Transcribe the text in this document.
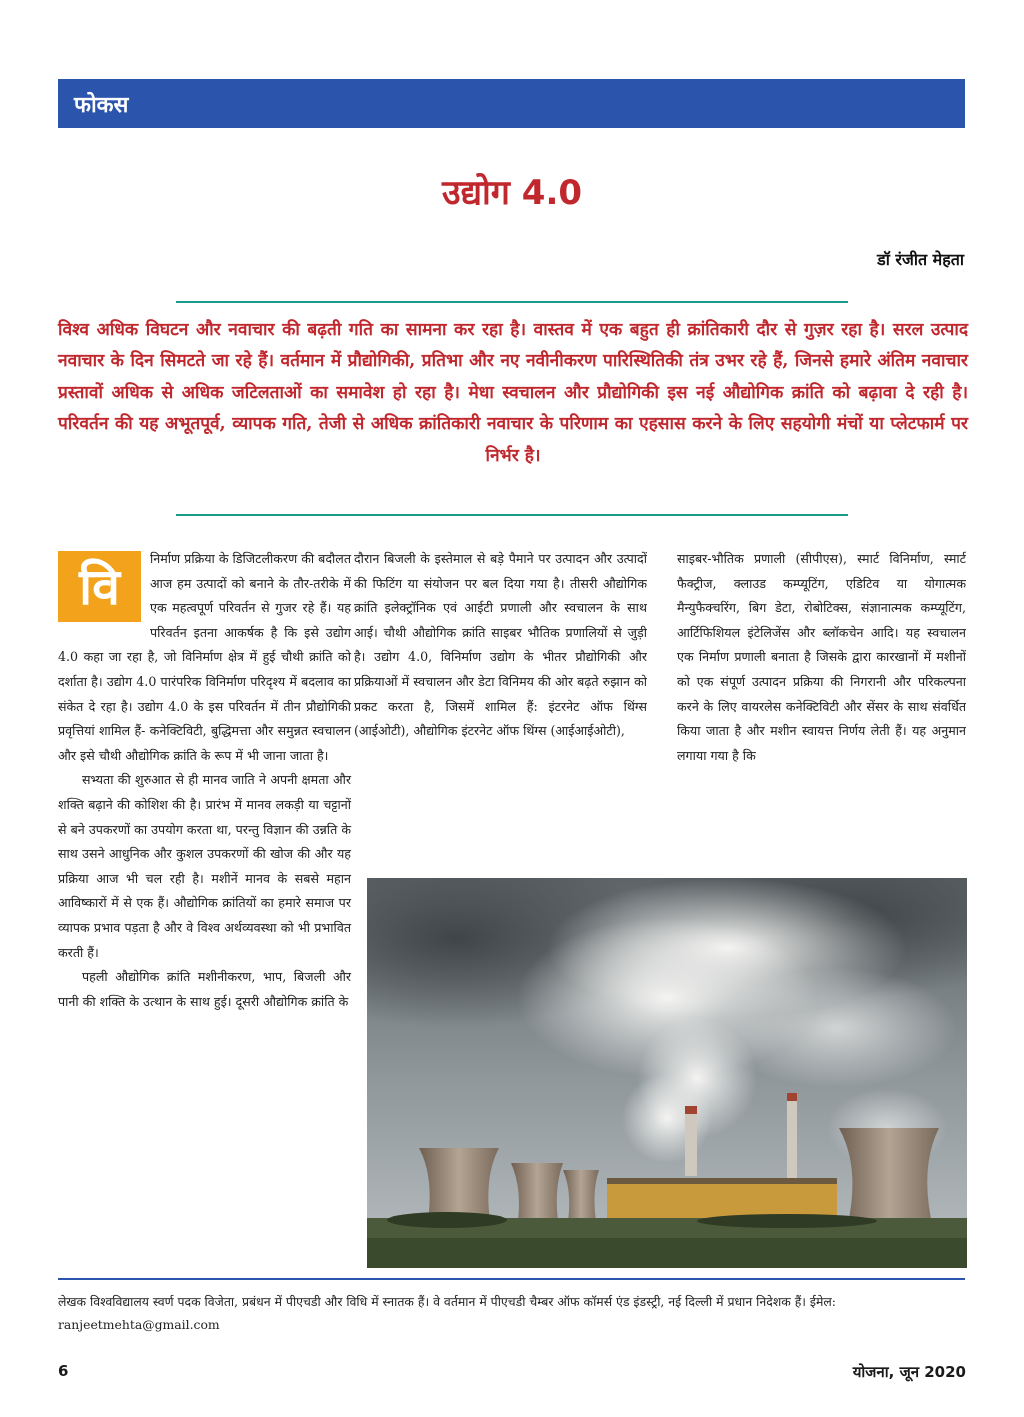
फोकस
उद्योग 4.0
डॉ रंजीत मेहता

विश्व अधिक विघटन और नवाचार की बढ़ती गति का सामना कर रहा है। वास्तव में एक बहुत ही क्रांतिकारी दौर से गुज़र रहा है। सरल उत्पाद नवाचार के दिन सिमटते जा रहे हैं। वर्तमान में प्रौद्योगिकी, प्रतिभा और नए नवीनीकरण पारिस्थितिकी तंत्र उभर रहे हैं, जिनसे हमारे अंतिम नवाचार प्रस्तावों अधिक से अधिक जटिलताओं का समावेश हो रहा है। मेधा स्वचालन और प्रौद्योगिकी इस नई औद्योगिक क्रांति को बढ़ावा दे रही है। परिवर्तन की यह अभूतपूर्व, व्यापक गति, तेजी से अधिक क्रांतिकारी नवाचार के परिणाम का एहसास करने के लिए सहयोगी मंचों या प्लेटफार्म पर निर्भर है।

वि	निर्माण प्रक्रिया के डिजिटलीकरण की बदौलत आज हम उत्पादों को बनाने के तौर-तरीके में एक महत्वपूर्ण परिवर्तन से गुजर रहे हैं। यह परिवर्तन इतना आकर्षक है कि इसे उद्योग 4.0 कहा जा रहा है, जो विनिर्माण क्षेत्र में हुई चौथी क्रांति को दर्शाता है। उद्योग 4.0 पारंपरिक विनिर्माण परिदृश्य में बदलाव का संकेत दे रहा है। उद्योग 4.0 के इस परिवर्तन में तीन प्रौद्योगिकी प्रवृत्तियां शामिल हैं- कनेक्टिविटी, बुद्धिमत्ता और समुन्नत स्वचालन और इसे चौथी औद्योगिक क्रांति के रूप में भी जाना जाता है।

सभ्यता की शुरुआत से ही मानव जाति ने अपनी क्षमता और शक्ति बढ़ाने की कोशिश की है। प्रारंभ में मानव लकड़ी या चट्टानों से बने उपकरणों का उपयोग करता था, परन्तु विज्ञान की उन्नति के साथ उसने आधुनिक और कुशल उपकरणों की खोज की और यह प्रक्रिया आज भी चल रही है। मशीनें मानव के सबसे महान आविष्कारों में से एक हैं। औद्योगिक क्रांतियों का हमारे समाज पर व्यापक प्रभाव पड़ता है और वे विश्व अर्थव्यवस्था को भी प्रभावित करती हैं।

पहली औद्योगिक क्रांति मशीनीकरण, भाप, बिजली और पानी की शक्ति के उत्थान के साथ हुई। दूसरी औद्योगिक क्रांति के

दौरान बिजली के इस्तेमाल से बड़े पैमाने पर उत्पादन और उत्पादों की फिटिंग या संयोजन पर बल दिया गया है। तीसरी औद्योगिक क्रांति इलेक्ट्रॉनिक एवं आईटी प्रणाली और स्वचालन के साथ आई। चौथी औद्योगिक क्रांति साइबर भौतिक प्रणालियों से जुड़ी है। उद्योग 4.0, विनिर्माण उद्योग के भीतर प्रौद्योगिकी और प्रक्रियाओं में स्वचालन और डेटा विनिमय की ओर बढ़ते रुझान को प्रकट करता है, जिसमें शामिल हैं: इंटरनेट ऑफ थिंग्स (आईओटी), औद्योगिक इंटरनेट ऑफ थिंग्स (आईआईओटी),

साइबर-भौतिक प्रणाली (सीपीएस), स्मार्ट विनिर्माण, स्मार्ट फैक्ट्रीज, क्लाउड कम्प्यूटिंग, एडिटिव या योगात्मक मैन्युफैक्चरिंग, बिग डेटा, रोबोटिक्स, संज्ञानात्मक कम्प्यूटिंग, आर्टिफिशियल इंटेलिजेंस और ब्लॉकचेन आदि। यह स्वचालन एक निर्माण प्रणाली बनाता है जिसके द्वारा कारखानों में मशीनों को एक संपूर्ण उत्पादन प्रक्रिया की निगरानी और परिकल्पना करने के लिए वायरलेस कनेक्टिविटी और सेंसर के साथ संवर्धित किया जाता है और मशीन स्वायत्त निर्णय लेती हैं। यह अनुमान लगाया गया है कि

लेखक विश्वविद्यालय स्वर्ण पदक विजेता, प्रबंधन में पीएचडी और विधि में स्नातक हैं। वे वर्तमान में पीएचडी चैम्बर ऑफ कॉमर्स एंड इंडस्ट्री, नई दिल्ली में प्रधान निदेशक हैं। ईमेल: ranjeetmehta@gmail.com

6	योजना, जून 2020
